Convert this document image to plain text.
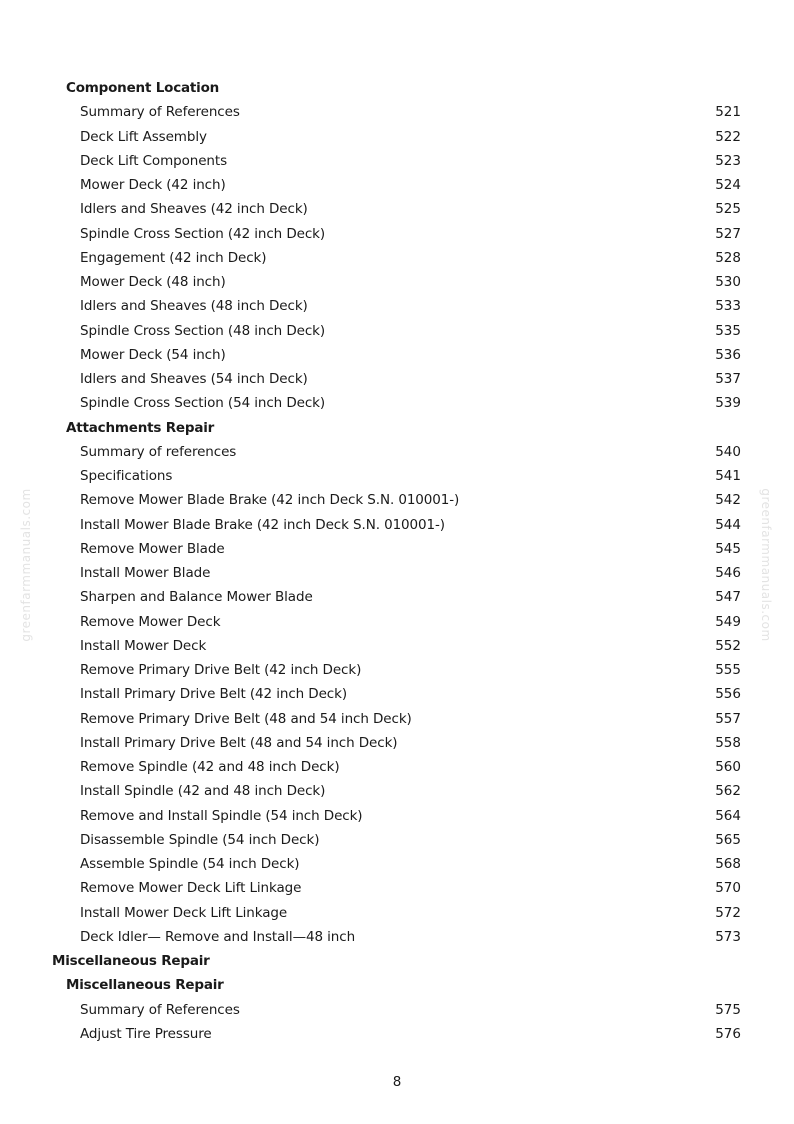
greenfarmmanuals.com	greenfarmmanuals.com
Component Location
Summary of References	521
Deck Lift Assembly	522
Deck Lift Components	523
Mower Deck (42 inch)	524
Idlers and Sheaves (42 inch Deck)	525
Spindle Cross Section (42 inch Deck)	527
Engagement (42 inch Deck)	528
Mower Deck (48 inch)	530
Idlers and Sheaves (48 inch Deck)	533
Spindle Cross Section (48 inch Deck)	535
Mower Deck (54 inch)	536
Idlers and Sheaves (54 inch Deck)	537
Spindle Cross Section (54 inch Deck)	539
Attachments Repair
Summary of references	540
Specifications	541
Remove Mower Blade Brake (42 inch Deck S.N. 010001-)	542
Install Mower Blade Brake (42 inch Deck S.N. 010001-)	544
Remove Mower Blade	545
Install Mower Blade	546
Sharpen and Balance Mower Blade	547
Remove Mower Deck	549
Install Mower Deck	552
Remove Primary Drive Belt (42 inch Deck)	555
Install Primary Drive Belt (42 inch Deck)	556
Remove Primary Drive Belt (48 and 54 inch Deck)	557
Install Primary Drive Belt (48 and 54 inch Deck)	558
Remove Spindle (42 and 48 inch Deck)	560
Install Spindle (42 and 48 inch Deck)	562
Remove and Install Spindle (54 inch Deck)	564
Disassemble Spindle (54 inch Deck)	565
Assemble Spindle (54 inch Deck)	568
Remove Mower Deck Lift Linkage	570
Install Mower Deck Lift Linkage	572
Deck Idler— Remove and Install—48 inch	573
Miscellaneous Repair
Miscellaneous Repair
Summary of References	575
Adjust Tire Pressure	576
8
